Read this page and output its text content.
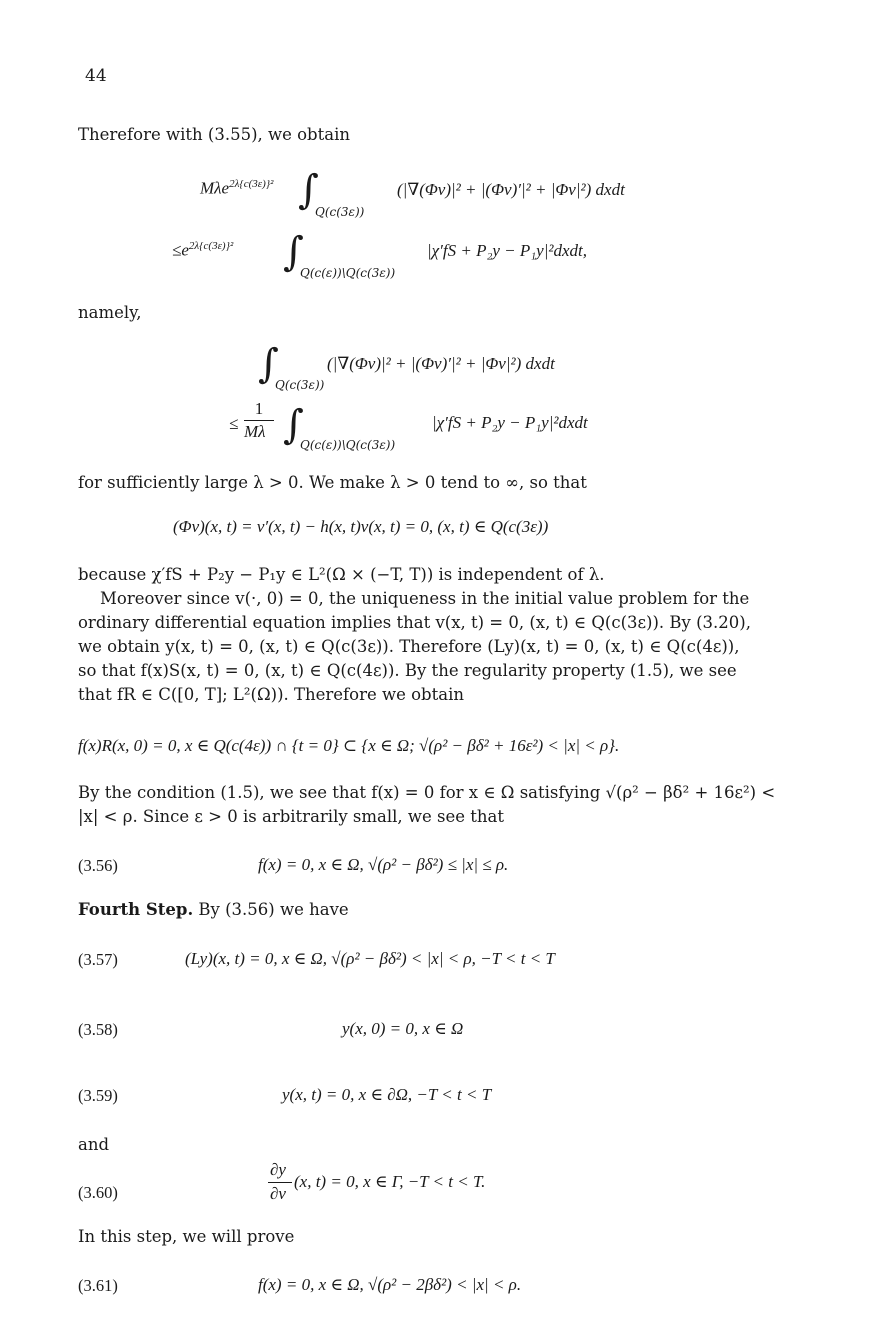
44
Therefore with (3.55), we obtain
Mλe$^{2\lambda\{c(3\varepsilon)\}^2}$ ∫
Q(c(3ε))
(|∇(Φv)|² + |(Φv)′|² + |Φv|²) dxdt
$\le e^{2\lambda\{c(3\varepsilon)\}^2}$ ∫
Q(c(ε))\Q(c(3ε))
|χ′fS + P₂y − P₁y|²dxdt,
namely,
∫
Q(c(3ε))
(|∇(Φv)|² + |(Φv)′|² + |Φv|²) dxdt
≤
1
Mλ ∫
Q(c(ε))\Q(c(3ε))
|χ′fS + P₂y − P₁y|²dxdt
for sufficiently large λ > 0. We make λ > 0 tend to ∞, so that
(Φv)(x, t) = v′(x, t) − h(x, t)v(x, t) = 0, (x, t) ∈ Q(c(3ε))
because χ′fS + P₂y − P₁y ∈ L²(Ω × (−T, T)) is independent of λ.
Moreover since v(·, 0) = 0, the uniqueness in the initial value problem for the
ordinary differential equation implies that v(x, t) = 0, (x, t) ∈ Q(c(3ε)). By (3.20),
we obtain y(x, t) = 0, (x, t) ∈ Q(c(3ε)). Therefore (Ly)(x, t) = 0, (x, t) ∈ Q(c(4ε)),
so that f(x)S(x, t) = 0, (x, t) ∈ Q(c(4ε)). By the regularity property (1.5), we see
that fR ∈ C([0, T]; L²(Ω)). Therefore we obtain
f(x)R(x, 0) = 0, x ∈ Q(c(4ε)) ∩ {t = 0} ⊂ {x ∈ Ω; √(ρ² − βδ² + 16ε²) < |x| < ρ}.
By the condition (1.5), we see that f(x) = 0 for x ∈ Ω satisfying √(ρ² − βδ² + 16ε²) <
|x| < ρ. Since ε > 0 is arbitrarily small, we see that
(3.56)	f(x) = 0, x ∈ Ω, √(ρ² − βδ²) ≤ |x| ≤ ρ.
Fourth Step. By (3.56) we have
(3.57)	(Ly)(x, t) = 0, x ∈ Ω, √(ρ² − βδ²) < |x| < ρ, −T < t < T
(3.58)	y(x, 0) = 0, x ∈ Ω
(3.59)	y(x, t) = 0, x ∈ ∂Ω, −T < t < T
and
(3.60)
∂y
∂ν
(x, t) = 0, x ∈ Γ, −T < t < T.
In this step, we will prove
(3.61)	f(x) = 0, x ∈ Ω, √(ρ² − 2βδ²) < |x| < ρ.
